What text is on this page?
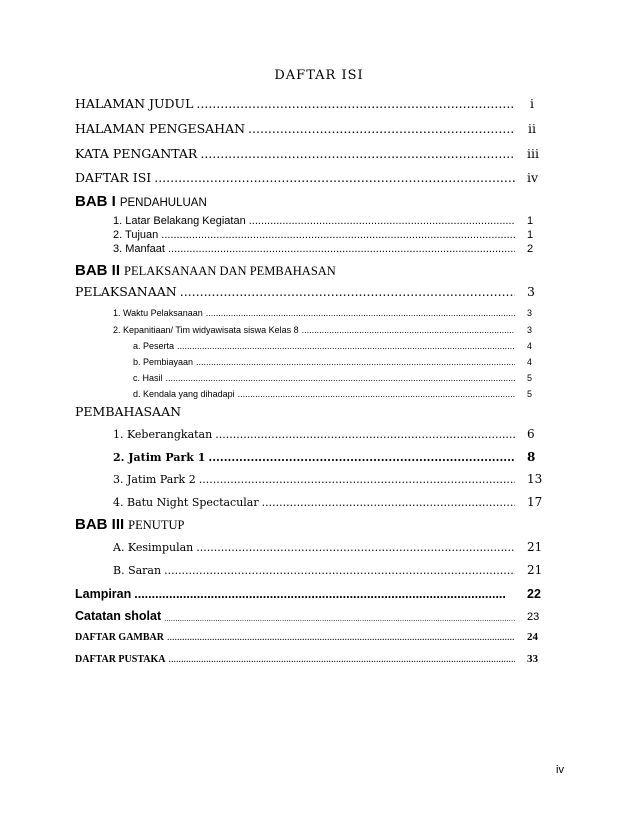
DAFTAR ISI
HALAMAN JUDUL .....	i
HALAMAN PENGESAHAN .....	ii
KATA PENGANTAR .....	iii
DAFTAR ISI .....	iv
BAB I PENDAHULUAN
1. Latar Belakang Kegiatan .....	1
2. Tujuan .....	1
3. Manfaat .....	2
BAB II PELAKSANAAN DAN PEMBAHASAN
PELAKSANAAN .....	3
1. Waktu Pelaksanaan .....	3
2. Kepanitiaan/ Tim widyawisata siswa Kelas 8 .....	3
a. Peserta .....	4
b. Pembiayaan .....	4
c. Hasil .....	5
d. Kendala yang dihadapi .....	5
PEMBAHASAAN
1. Keberangkatan .....	6
2. Jatim Park 1 .....	8
3. Jatim Park 2 .....	13
4. Batu Night Spectacular .....	17
BAB III PENUTUP
A. Kesimpulan .....	21
B. Saran .....	21
Lampiran .....	22
Catatan sholat .....	23
DAFTAR GAMBAR .....	24
DAFTAR PUSTAKA .....	33
iv
